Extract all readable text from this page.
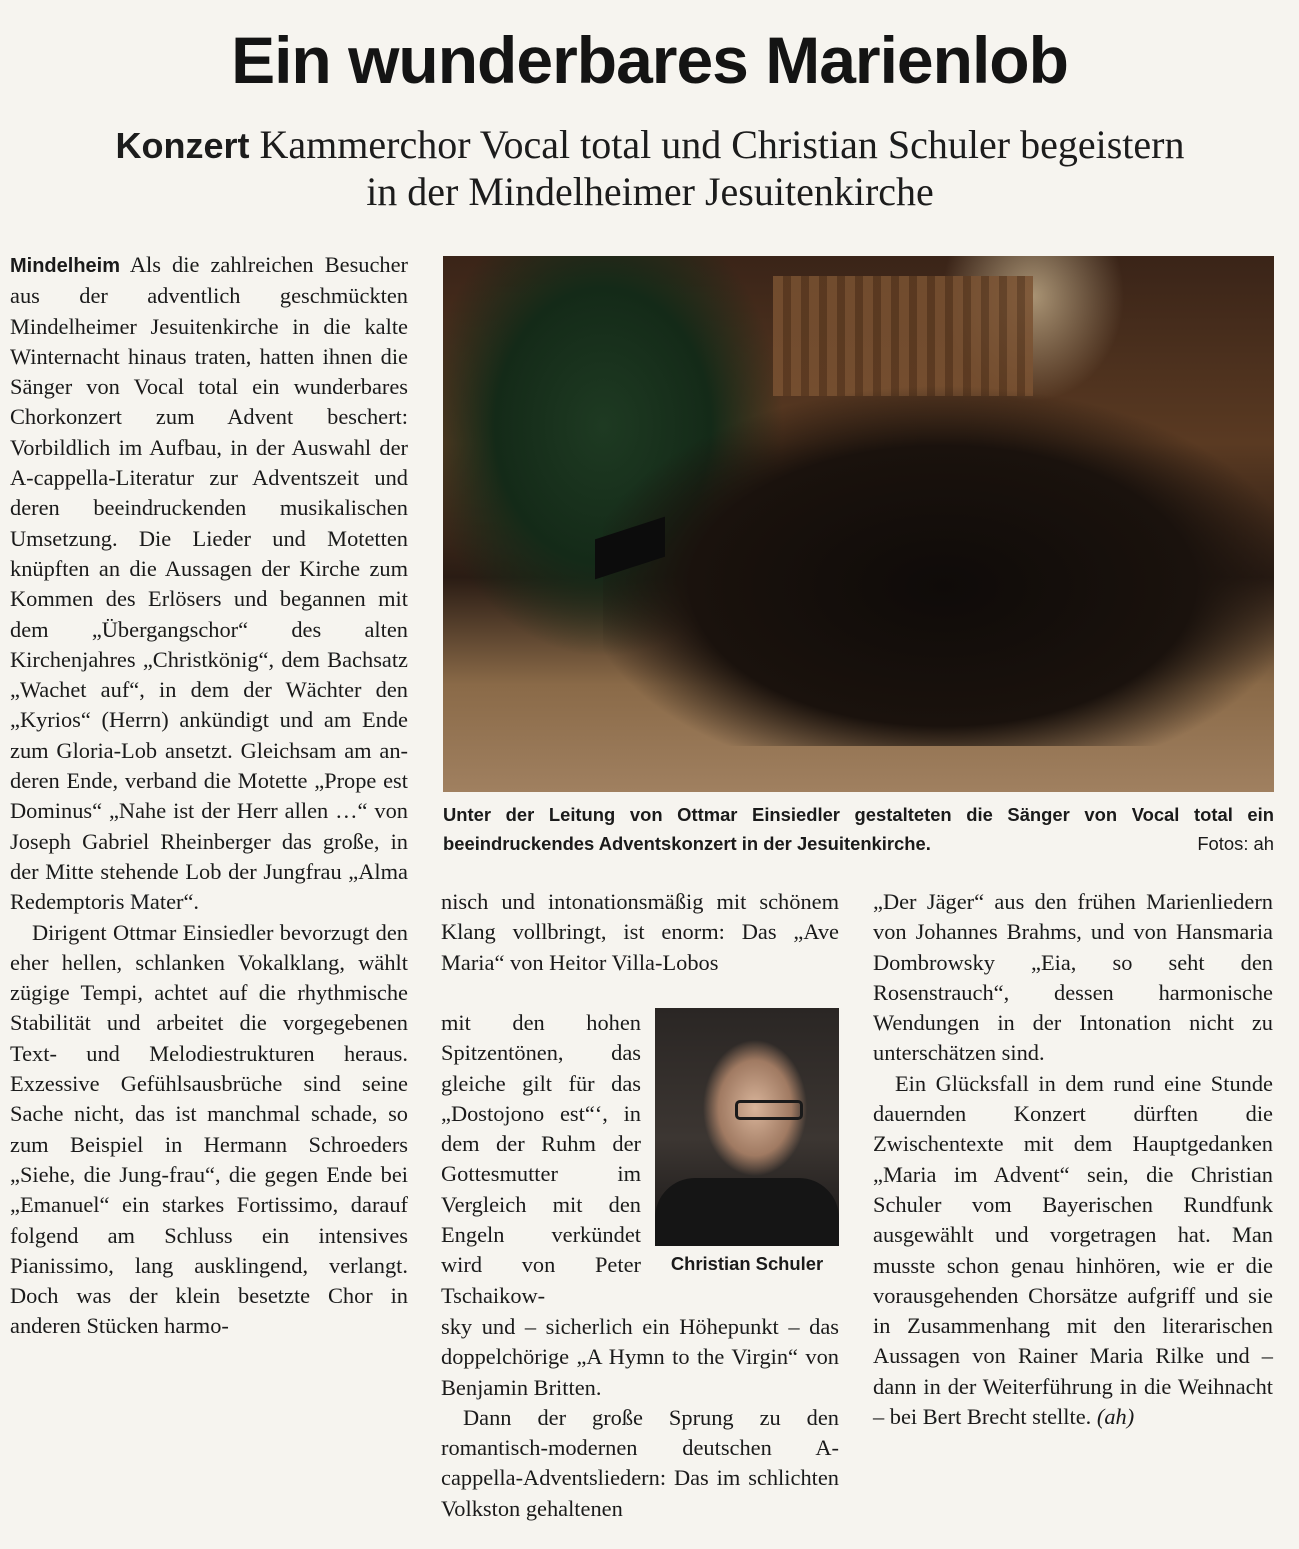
Ein wunderbares Marienlob
Konzert Kammerchor Vocal total und Christian Schuler begeistern
in der Mindelheimer Jesuitenkirche

Mindelheim Als die zahlreichen Besucher aus der adventlich geschmückten Mindelheimer Jesuitenkirche in die kalte Winternacht hinaus traten, hatten ihnen die Sänger von Vocal total ein wunderbares Chorkonzert zum Advent beschert: Vorbildlich im Aufbau, in der Auswahl der A-cappella-Literatur zur Adventszeit und deren beeindruckenden musikalischen Umsetzung. Die Lieder und Motetten knüpften an die Aussagen der Kirche zum Kommen des Erlösers und begannen mit dem „Übergangschor“ des alten Kirchenjahres „Christkönig“, dem Bachsatz „Wachet auf“, in dem der Wächter den „Kyrios“ (Herrn) ankündigt und am Ende zum Gloria-Lob ansetzt. Gleichsam am anderen Ende, verband die Motette „Prope est Dominus“ „Nahe ist der Herr allen …“ von Joseph Gabriel Rheinberger das große, in der Mitte stehende Lob der Jungfrau „Alma Redemptoris Mater“.

Dirigent Ottmar Einsiedler bevorzugt den eher hellen, schlanken Vokalklang, wählt zügige Tempi, achtet auf die rhythmische Stabilität und arbeitet die vorgegebenen Text- und Melodiestrukturen heraus. Exzessive Gefühlsausbrüche sind seine Sache nicht, das ist manchmal schade, so zum Beispiel in Hermann Schroeders „Siehe, die Jung-frau“, die gegen Ende bei „Emanuel“ ein starkes Fortissimo, darauf folgend am Schluss ein intensives Pianissimo, lang ausklingend, verlangt. Doch was der klein besetzte Chor in anderen Stücken harmo-

Unter der Leitung von Ottmar Einsiedler gestalteten die Sänger von Vocal total ein beeindruckendes Adventskonzert in der Jesuitenkirche.	Fotos: ah

nisch und intonationsmäßig mit schönem Klang vollbringt, ist enorm: Das „Ave Maria“ von Heitor Villa-Lobos

mit den hohen Spitzentönen, das gleiche gilt für das „Dostojono est“‘, in dem der Ruhm der Gottesmutter im Vergleich mit den Engeln verkündet wird von Peter Tschaikow-

sky und – sicherlich ein Höhepunkt – das doppelchörige „A Hymn to the Virgin“ von Benjamin Britten.

Dann der große Sprung zu den romantisch-modernen deutschen A-cappella-Adventsliedern: Das im schlichten Volkston gehaltenen

Christian Schuler

„Der Jäger“ aus den frühen Marienliedern von Johannes Brahms, und von Hansmaria Dombrowsky „Eia, so seht den Rosenstrauch“, dessen harmonische Wendungen in der Intonation nicht zu unterschätzen sind.

Ein Glücksfall in dem rund eine Stunde dauernden Konzert dürften die Zwischentexte mit dem Hauptgedanken „Maria im Advent“ sein, die Christian Schuler vom Bayerischen Rundfunk ausgewählt und vorgetragen hat. Man musste schon genau hinhören, wie er die vorausgehenden Chorsätze aufgriff und sie in Zusammenhang mit den literarischen Aussagen von Rainer Maria Rilke und – dann in der Weiterführung in die Weihnacht – bei Bert Brecht stellte. (ah)
